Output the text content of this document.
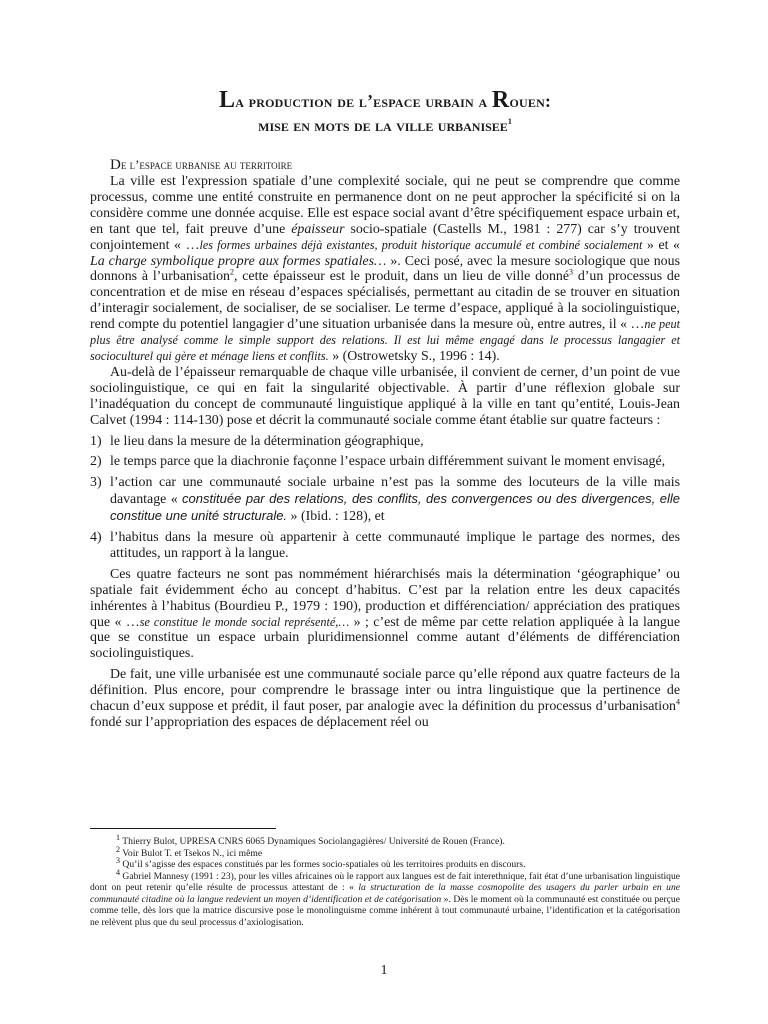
La production de l’espace urbain a Rouen:
mise en mots de la ville urbanisee$^1$
De l’espace urbanise au territoire

La ville est l'expression spatiale d’une complexité sociale, qui ne peut se comprendre que comme processus, comme une entité construite en permanence dont on ne peut approcher la spécificité si on la considère comme une donnée acquise. Elle est espace social avant d’être spécifiquement espace urbain et, en tant que tel, fait preuve d’une épaisseur socio-spatiale (Castells M., 1981 : 277) car s’y trouvent conjointement « …les formes urbaines déjà existantes, produit historique accumulé et combiné socialement » et « La charge symbolique propre aux formes spatiales… ». Ceci posé, avec la mesure sociologique que nous donnons à l’urbanisation$^2$, cette épaisseur est le produit, dans un lieu de ville donné$^3$ d’un processus de concentration et de mise en réseau d’espaces spécialisés, permettant au citadin de se trouver en situation d’interagir socialement, de socialiser, de se socialiser. Le terme d’espace, appliqué à la sociolinguistique, rend compte du potentiel langagier d’une situation urbanisée dans la mesure où, entre autres, il « …ne peut plus être analysé comme le simple support des relations. Il est lui même engagé dans le processus langagier et socioculturel qui gère et ménage liens et conflits. » (Ostrowetsky S., 1996 : 14).

Au-delà de l’épaisseur remarquable de chaque ville urbanisée, il convient de cerner, d’un point de vue sociolinguistique, ce qui en fait la singularité objectivable. À partir d’une réflexion globale sur l’inadéquation du concept de communauté linguistique appliqué à la ville en tant qu’entité, Louis-Jean Calvet (1994 : 114-130) pose et décrit la communauté sociale comme étant établie sur quatre facteurs :

1) le lieu dans la mesure de la détermination géographique,
2) le temps parce que la diachronie façonne l’espace urbain différemment suivant le moment envisagé,
3) l’action car une communauté sociale urbaine n’est pas la somme des locuteurs de la ville mais davantage « constituée par des relations, des conflits, des convergences ou des divergences, elle constitue une unité structurale. » (Ibid. : 128), et
4) l’habitus dans la mesure où appartenir à cette communauté implique le partage des normes, des attitudes, un rapport à la langue.

Ces quatre facteurs ne sont pas nommément hiérarchisés mais la détermination ‘géographique’ ou spatiale fait évidemment écho au concept d’habitus. C’est par la relation entre les deux capacités inhérentes à l’habitus (Bourdieu P., 1979 : 190), production et différenciation/ appréciation des pratiques que « …se constitue le monde social représenté,… » ; c’est de même par cette relation appliquée à la langue que se constitue un espace urbain pluridimensionnel comme autant d’éléments de différenciation sociolinguistiques.

De fait, une ville urbanisée est une communauté sociale parce qu’elle répond aux quatre facteurs de la définition. Plus encore, pour comprendre le brassage inter ou intra linguistique que la pertinence de chacun d’eux suppose et prédit, il faut poser, par analogie avec la définition du processus d’urbanisation$^4$ fondé sur l’appropriation des espaces de déplacement réel ou

$^1$ Thierry Bulot, UPRESA CNRS 6065 Dynamiques Sociolangagières/ Université de Rouen (France).

$^2$ Voir Bulot T. et Tsekos N., ici même

$^3$ Qu’il s’agisse des espaces constitués par les formes socio-spatiales où les territoires produits en discours.

$^4$ Gabriel Mannesy (1991 : 23), pour les villes africaines où le rapport aux langues est de fait interethnique, fait état d’une urbanisation linguistique dont on peut retenir qu’elle résulte de processus attestant de : « la structuration de la masse cosmopolite des usagers du parler urbain en une communauté citadine où la langue redevient un moyen d’identification et de catégorisation ». Dès le moment où la communauté est constituée ou perçue comme telle, dès lors que la matrice discursive pose le monolinguisme comme inhérent à tout communauté urbaine, l’identification et la catégorisation ne relèvent plus que du seul processus d’axiologisation.

1
